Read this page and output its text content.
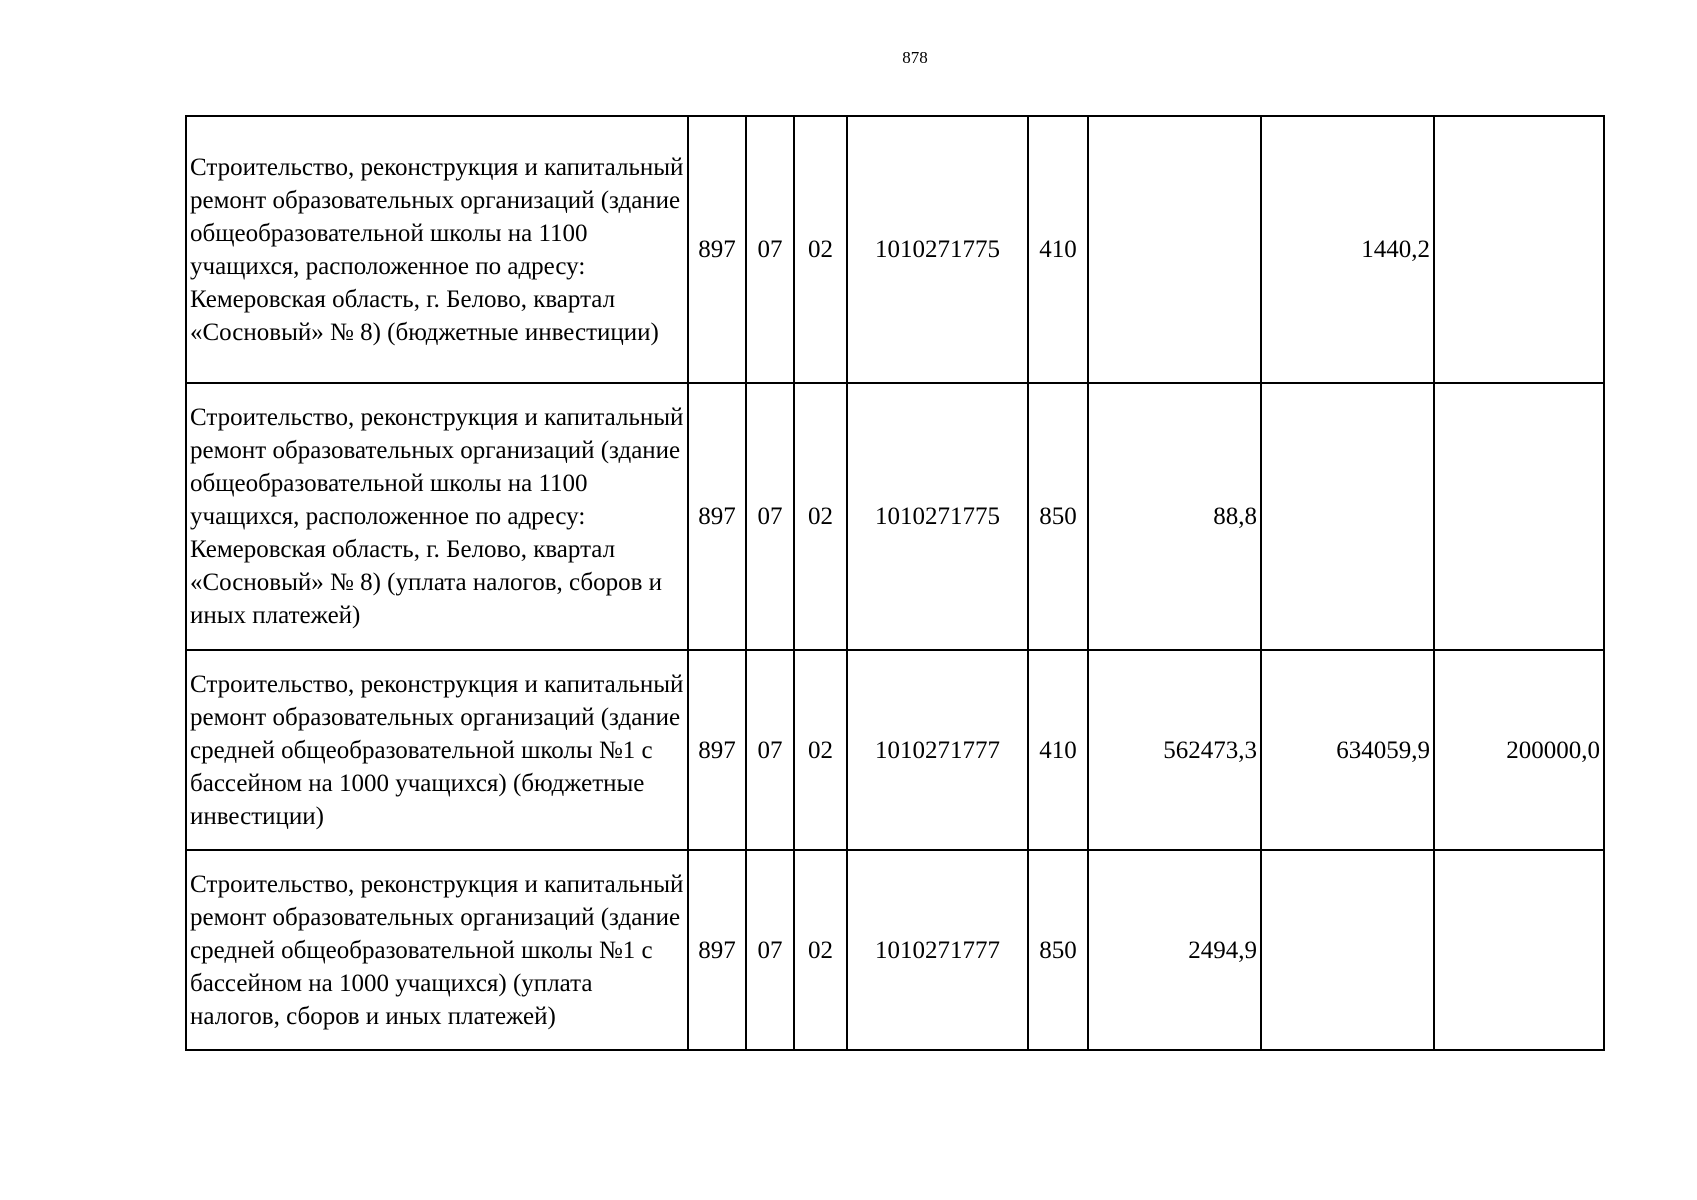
878
Строительство, реконструкция и капитальный ремонт образовательных организаций (здание общеобразовательной школы на 1100 учащихся, расположенное по адресу: Кемеровская область, г. Белово, квартал «Сосновый» № 8) (бюджетные инвестиции)	897	07	02	1010271775	410		1440,2	
Строительство, реконструкция и капитальный ремонт образовательных организаций (здание общеобразовательной школы на 1100 учащихся, расположенное по адресу: Кемеровская область, г. Белово, квартал «Сосновый» № 8) (уплата налогов, сборов и иных платежей)	897	07	02	1010271775	850	88,8		
Строительство, реконструкция и капитальный ремонт образовательных организаций (здание средней общеобразовательной школы №1 с бассейном на 1000 учащихся) (бюджетные инвестиции)	897	07	02	1010271777	410	562473,3	634059,9	200000,0
Строительство, реконструкция и капитальный ремонт образовательных организаций (здание средней общеобразовательной школы №1 с бассейном на 1000 учащихся) (уплата налогов, сборов и иных платежей)	897	07	02	1010271777	850	2494,9		
